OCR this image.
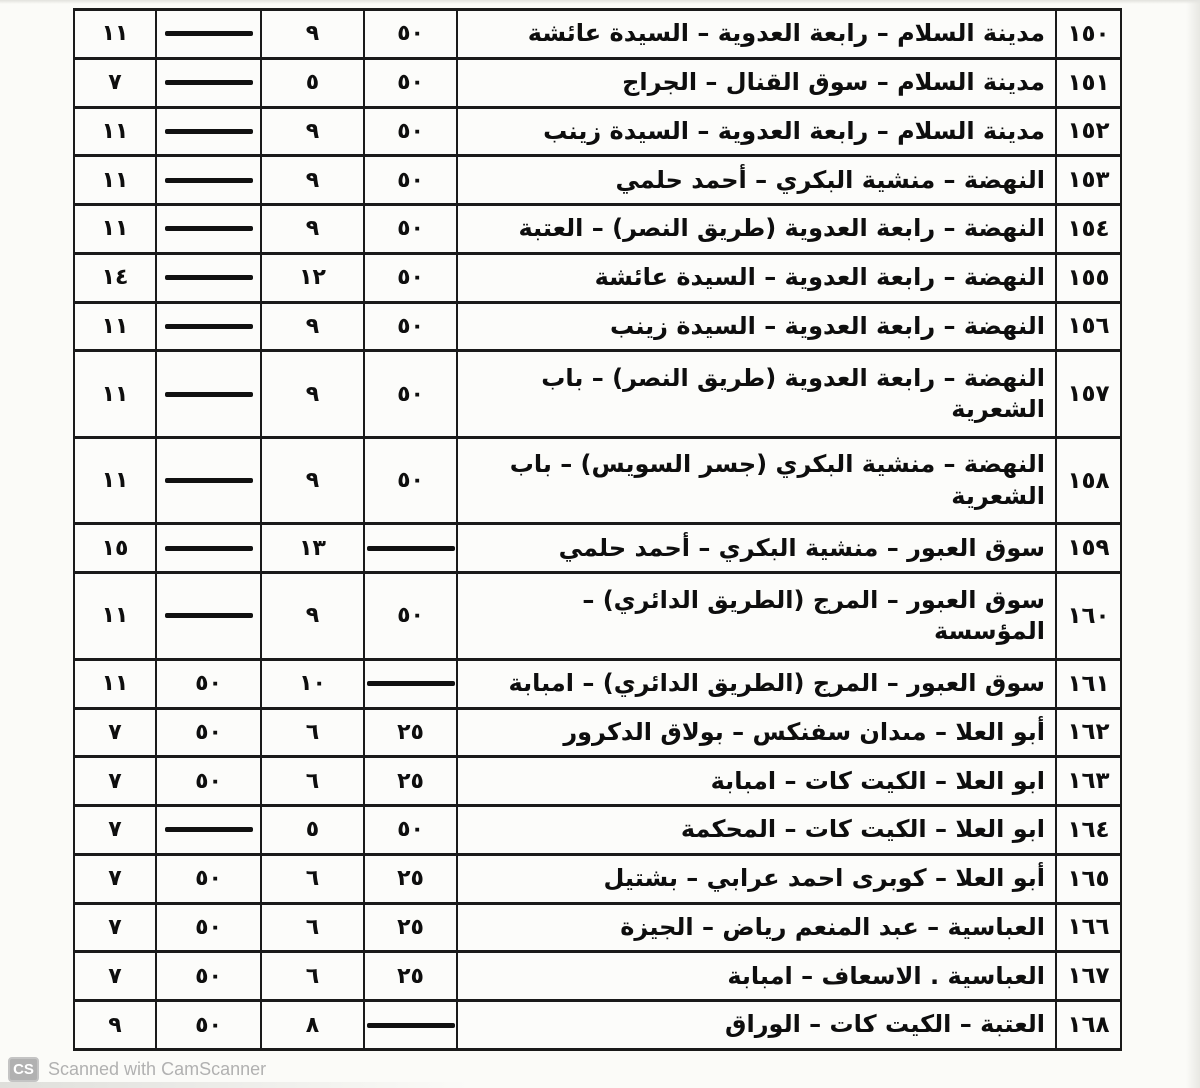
١٥٠	مدينة السلام – رابعة العدوية – السيدة عائشة	٥٠	٩		١١
١٥١	مدينة السلام – سوق القنال – الجراج	٥٠	٥		٧
١٥٢	مدينة السلام – رابعة العدوية – السيدة زينب	٥٠	٩		١١
١٥٣	النهضة – منشية البكري – أحمد حلمي	٥٠	٩		١١
١٥٤	النهضة – رابعة العدوية (طريق النصر) – العتبة	٥٠	٩		١١
١٥٥	النهضة – رابعة العدوية – السيدة عائشة	٥٠	١٢		١٤
١٥٦	النهضة – رابعة العدوية – السيدة زينب	٥٠	٩		١١
١٥٧	النهضة – رابعة العدوية (طريق النصر) – باب الشعرية	٥٠	٩		١١
١٥٨	النهضة – منشية البكري (جسر السويس) – باب الشعرية	٥٠	٩		١١
١٥٩	سوق العبور – منشية البكري – أحمد حلمي		١٣		١٥
١٦٠	سوق العبور – المرج (الطريق الدائري) – المؤسسة	٥٠	٩		١١
١٦١	سوق العبور – المرج (الطريق الدائري) – امبابة		١٠	٥٠	١١
١٦٢	أبو العلا – مىدان سفنكس – بولاق الدكرور	٢٥	٦	٥٠	٧
١٦٣	ابو العلا – الكيت كات – امبابة	٢٥	٦	٥٠	٧
١٦٤	ابو العلا – الكيت كات – المحكمة	٥٠	٥		٧
١٦٥	أبو العلا – كوبرى احمد عرابي – بشتيل	٢٥	٦	٥٠	٧
١٦٦	العباسية – عبد المنعم رياض – الجيزة	٢٥	٦	٥٠	٧
١٦٧	العباسية . الاسعاف – امبابة	٢٥	٦	٥٠	٧
١٦٨	العتبة – الكيت كات – الوراق		٨	٥٠	٩
CS Scanned with CamScanner
